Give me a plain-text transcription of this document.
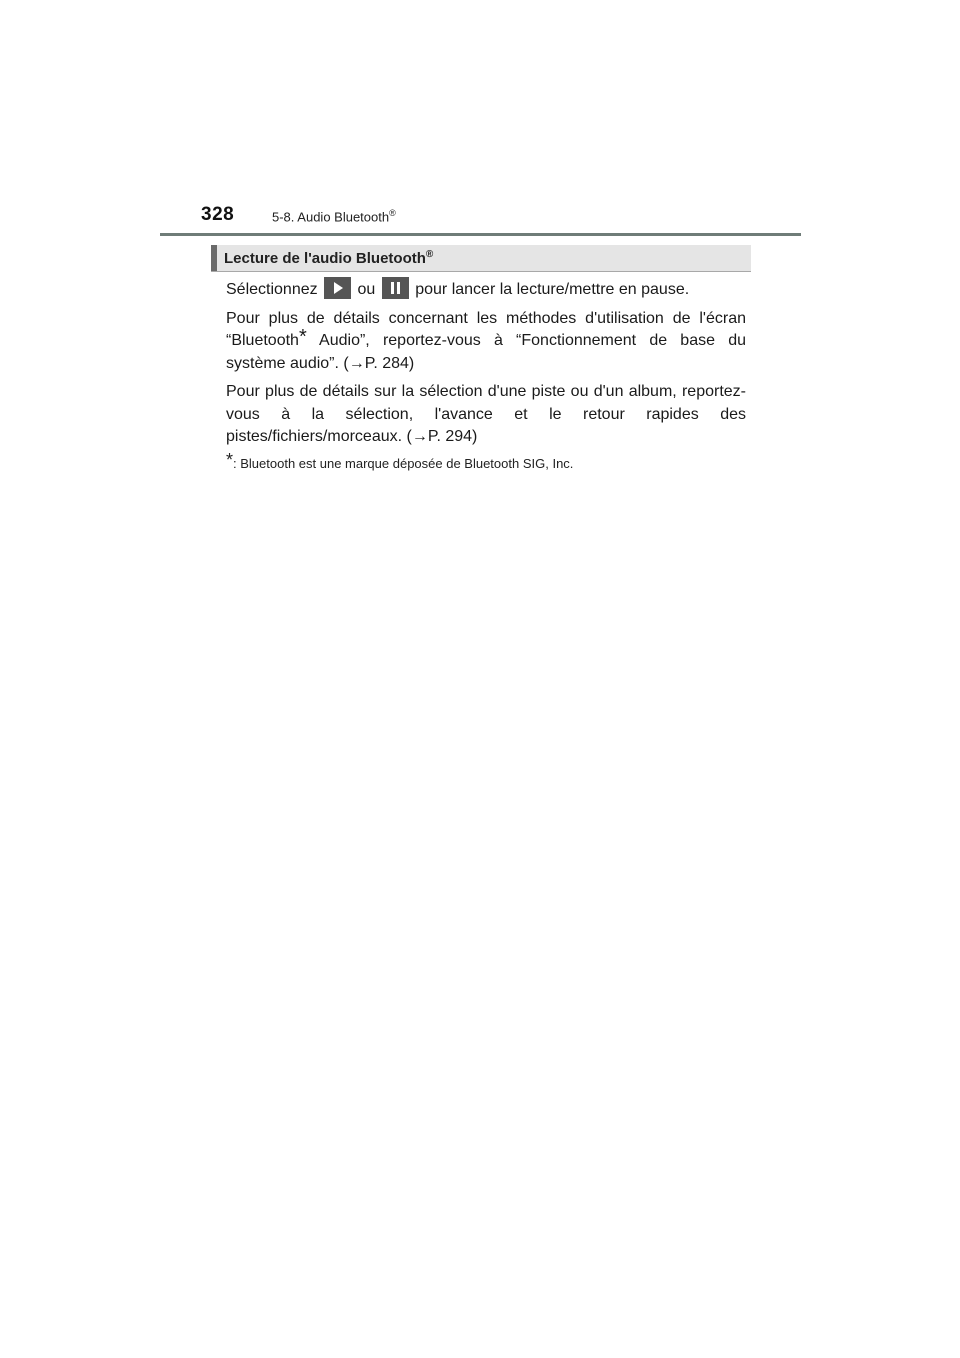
328	5-8. Audio Bluetooth®
Lecture de l'audio Bluetooth®

Sélectionnez ou pour lancer la lecture/mettre en pause.

Pour plus de détails concernant les méthodes d'utilisation de l'écran “Bluetooth* Audio”, reportez-vous à “Fonctionnement de base du système audio”. (→P. 284)

Pour plus de détails sur la sélection d'une piste ou d'un album, reportez-vous à la sélection, l'avance et le retour rapides des pistes/fichiers/morceaux. (→P. 294)

*: Bluetooth est une marque déposée de Bluetooth SIG, Inc.
